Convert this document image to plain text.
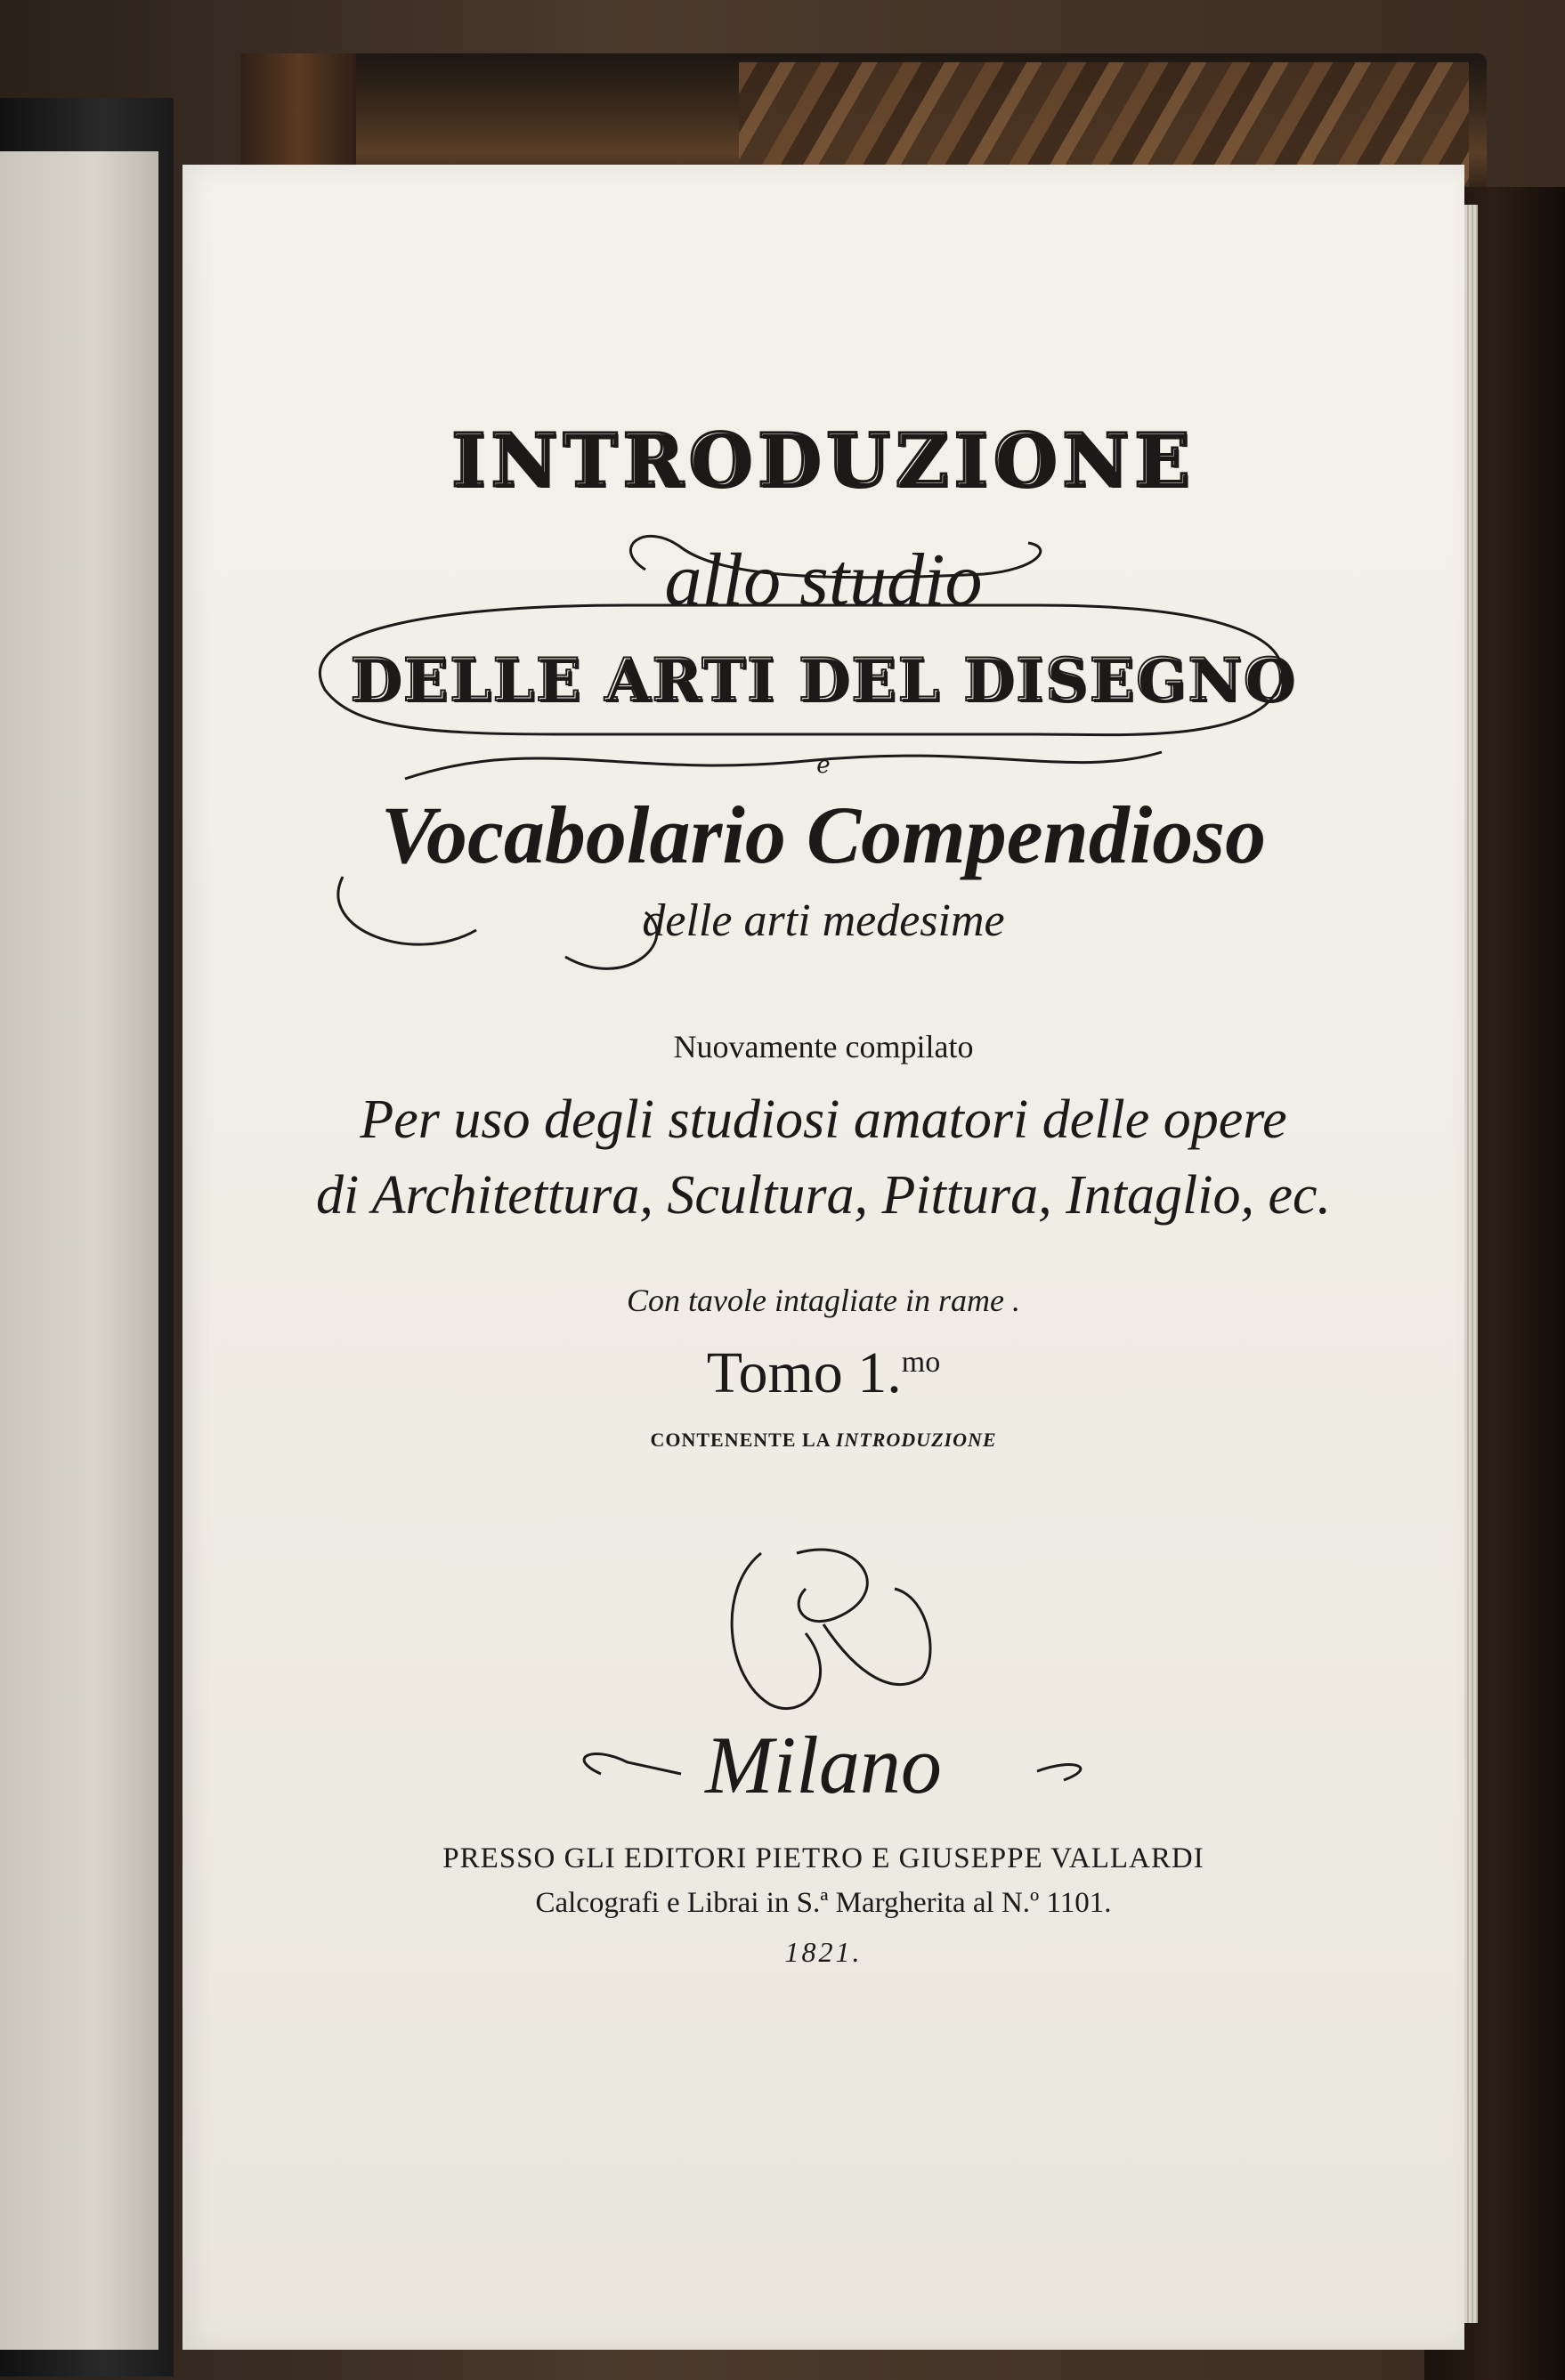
INTRODUZIONE
allo studio
DELLE ARTI DEL DISEGNO
e
Vocabolario Compendioso
delle arti medesime
Nuovamente compilato
Per uso degli studiosi amatori delle opere
di Architettura, Scultura, Pittura, Intaglio, ec.
Con tavole intagliate in rame .
Tomo 1.$^{mo}$
CONTENENTE LA INTRODUZIONE
Milano
PRESSO GLI EDITORI PIETRO E GIUSEPPE VALLARDI
Calcografi e Librai in S.ª Margherita al N.º 1101.
1821.
